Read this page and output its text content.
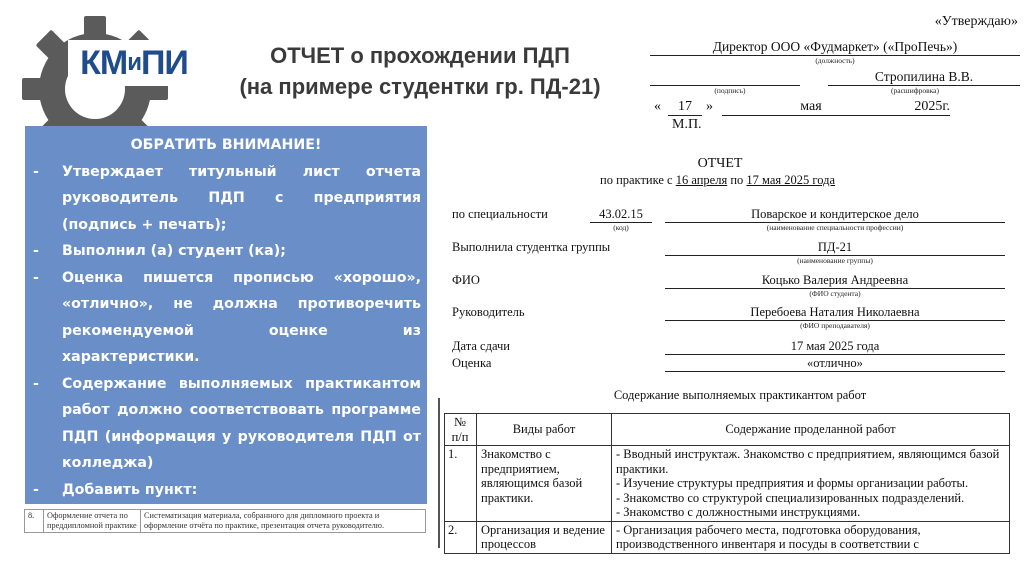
КМ и ПИ	ОТЧЕТ о прохождении ПДП
(на примере студентки гр. ПД-21)
ОБРАТИТЬ ВНИМАНИЕ!
-	Утверждает титульный лист отчета руководитель ПДП с предприятия (подпись + печать);
-	Выполнил (а) студент (ка);
-	Оценка пишется прописью «хорошо», «отлично», не должна противоречить рекомендуемой оценке из характеристики.
-	Содержание выполняемых практикантом работ должно соответствовать программе ПДП (информация у руководителя ПДП от колледжа)
-	Добавить пункт:
8.	Оформление отчета по преддипломной практике	Систематизация материала, собранного для дипломного проекта и оформление отчёта по практике, презентация отчета руководителю.
«Утверждаю»
Директор ООО «Фудмаркет» («ПроПечь»)
(должность)
Стропилина В.В.
(подпись)	(расшифровка)
«	17	»	мая	2025г.
М.П.
ОТЧЕТ
по практике с 16 апреля по 17 мая 2025 года
по специальности	43.02.15
(код)
Поварское и кондитерское дело
(наименование специальности профессии)
Выполнила студентка группы	ПД-21
(наименование группы)
ФИО	Коцько Валерия Андреевна
(ФИО студента)
Руководитель	Перебоева Наталия Николаевна
(ФИО преподавателя)
Дата сдачи	17 мая 2025 года
Оценка	«отлично»
Содержание выполняемых практикантом работ
№ п/п	Виды работ	Содержание проделанной работ
1.	Знакомство с предприятием, являющимся базой практики.	- Вводный инструктаж. Знакомство с предприятием, являющимся базой практики.
- Изучение структуры предприятия и формы организации работы.
- Знакомство со структурой специализированных подразделений.
- Знакомство с должностными инструкциями.

2.	Организация и ведение процессов	- Организация рабочего места, подготовка оборудования, производственного инвентаря и посуды в соответствии с
